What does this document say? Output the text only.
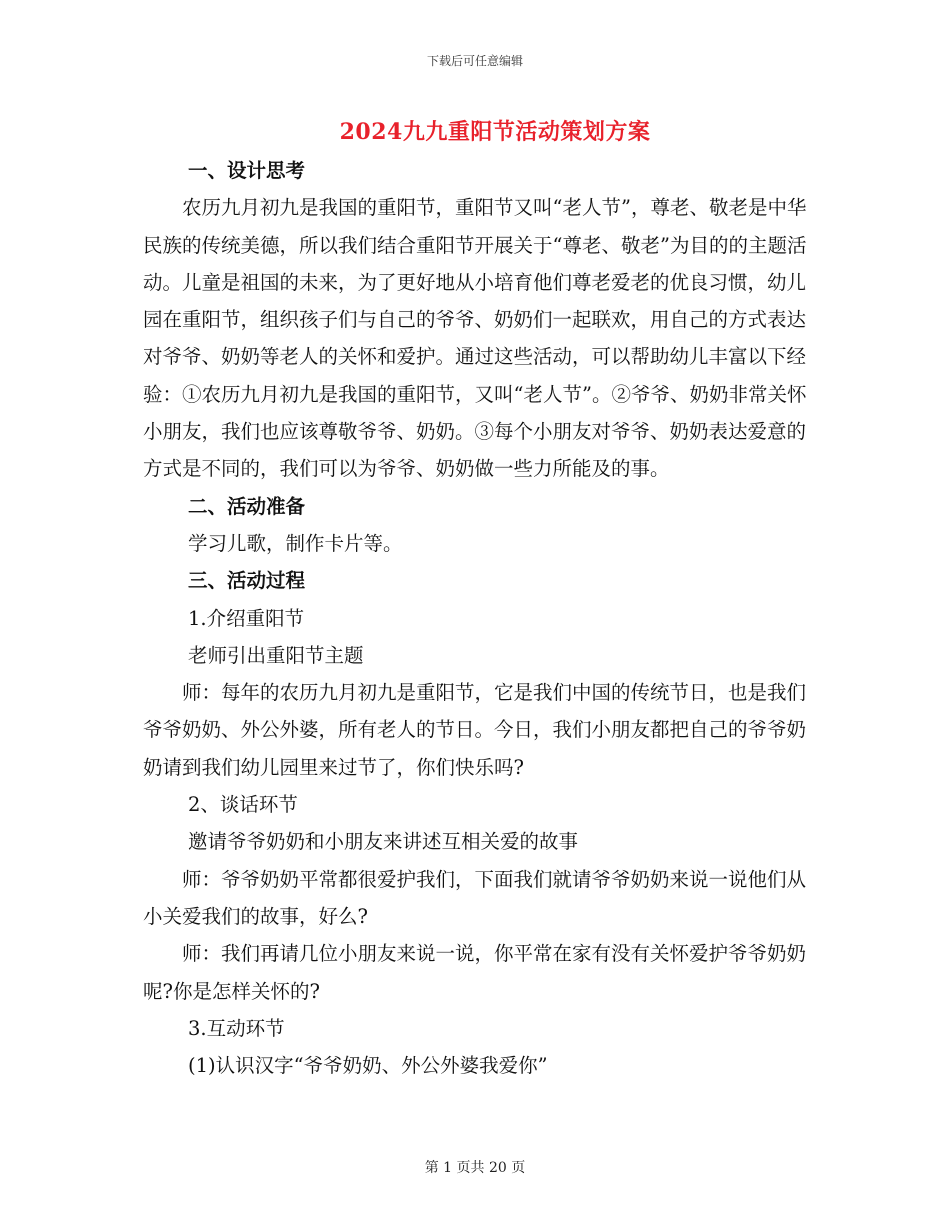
下载后可任意编辑
2024九九重阳节活动策划方案

一、设计思考

农历九月初九是我国的重阳节，重阳节又叫“老人节”，尊老、敬老是中华民族的传统美德，所以我们结合重阳节开展关于“尊老、敬老”为目的的主题活动。儿童是祖国的未来，为了更好地从小培育他们尊老爱老的优良习惯，幼儿园在重阳节，组织孩子们与自己的爷爷、奶奶们一起联欢，用自己的方式表达对爷爷、奶奶等老人的关怀和爱护。通过这些活动，可以帮助幼儿丰富以下经验：①农历九月初九是我国的重阳节，又叫“老人节”。②爷爷、奶奶非常关怀小朋友，我们也应该尊敬爷爷、奶奶。③每个小朋友对爷爷、奶奶表达爱意的方式是不同的，我们可以为爷爷、奶奶做一些力所能及的事。

二、活动准备

学习儿歌，制作卡片等。

三、活动过程

1.介绍重阳节

老师引出重阳节主题

师：每年的农历九月初九是重阳节，它是我们中国的传统节日，也是我们爷爷奶奶、外公外婆，所有老人的节日。今日，我们小朋友都把自己的爷爷奶奶请到我们幼儿园里来过节了，你们快乐吗?

2、谈话环节

邀请爷爷奶奶和小朋友来讲述互相关爱的故事

师：爷爷奶奶平常都很爱护我们，下面我们就请爷爷奶奶来说一说他们从小关爱我们的故事，好么?

师：我们再请几位小朋友来说一说，你平常在家有没有关怀爱护爷爷奶奶呢?你是怎样关怀的?

3.互动环节

(1)认识汉字“爷爷奶奶、外公外婆我爱你”

第 1 页共 20 页
